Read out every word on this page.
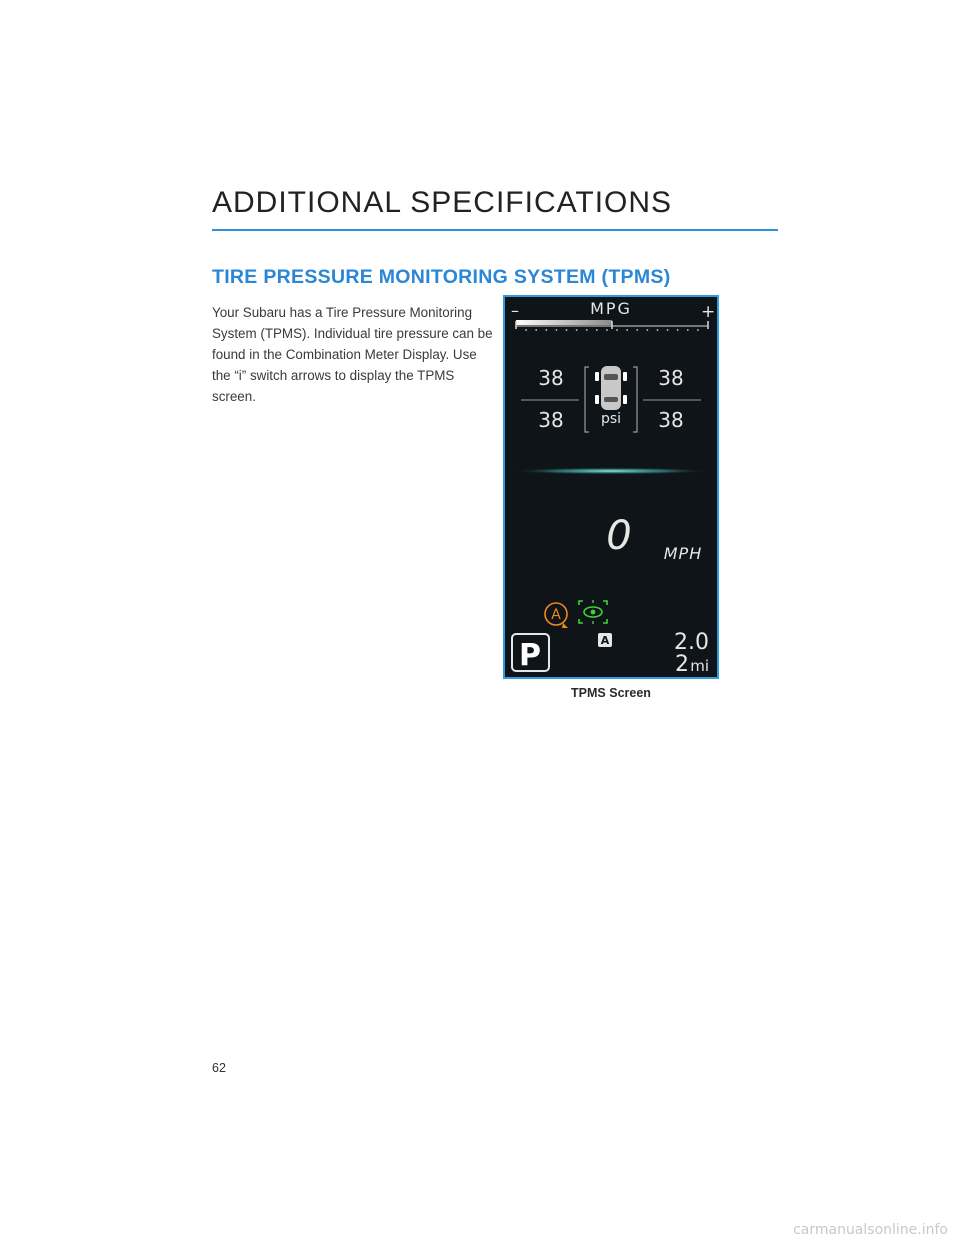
ADDITIONAL SPECIFICATIONS
TIRE PRESSURE MONITORING SYSTEM (TPMS)
Your Subaru has a Tire Pressure Monitoring System (TPMS). Individual tire pressure can be found in the Combination Meter Display. Use the “i” switch arrows to display the TPMS screen.
–	MPG	+
38	38
38	38
psi
0 MPH
A
P	A	2.0
2 mi
TPMS Screen
62
carmanualsonline.info
